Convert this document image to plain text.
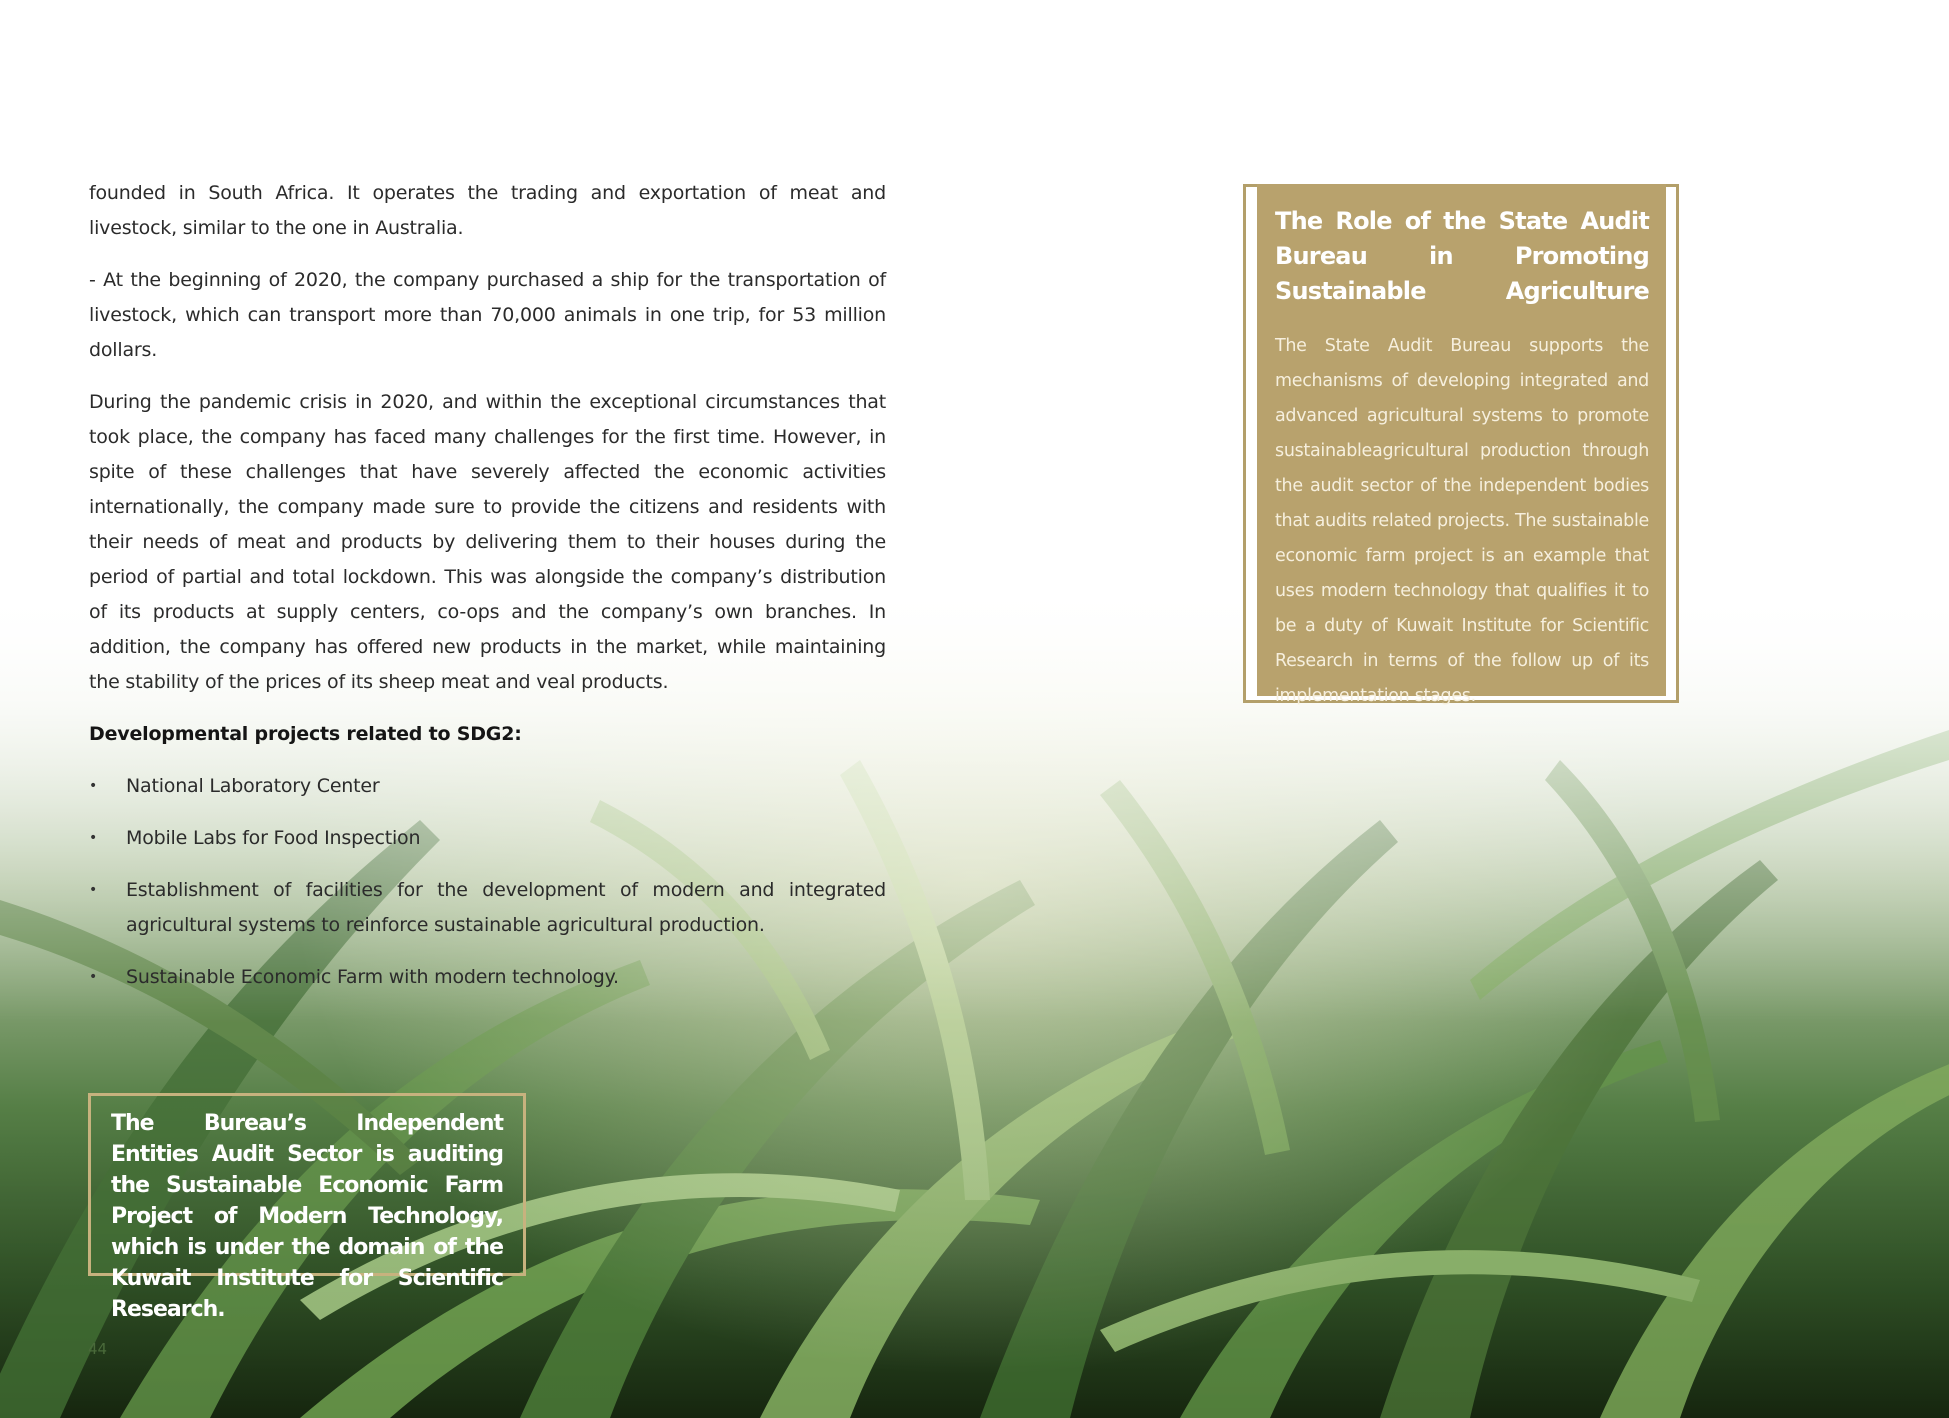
founded in South Africa. It operates the trading and exportation of meat and livestock, similar to the one in Australia.

- At the beginning of 2020, the company purchased a ship for the transportation of livestock, which can transport more than 70,000 animals in one trip, for 53 million dollars.

During the pandemic crisis in 2020, and within the exceptional circumstances that took place, the company has faced many challenges for the first time. However, in spite of these challenges that have severely affected the economic activities internationally, the company made sure to provide the citizens and residents with their needs of meat and products by delivering them to their houses during the period of partial and total lockdown. This was alongside the company’s distribution of its products at supply centers, co-ops and the company’s own branches. In addition, the company has offered new products in the market, while maintaining the stability of the prices of its sheep meat and veal products.

Developmental projects related to SDG2:

• National Laboratory Center
• Mobile Labs for Food Inspection
• Establishment of facilities for the development of modern and integrated agricultural systems to reinforce sustainable agricultural production.
• Sustainable Economic Farm with modern technology.
The Role of the State Audit Bureau in Promoting Sustainable Agriculture

The State Audit Bureau supports the mechanisms of developing integrated and advanced agricultural systems to promote sustainableagricultural production through the audit sector of the independent bodies that audits related projects. The sustainable economic farm project is an example that uses modern technology that qualifies it to be a duty of Kuwait Institute for Scientific Research in terms of the follow up of its implementation stages.

The Bureau’s Independent Entities Audit Sector is auditing the Sustainable Economic Farm Project of Modern Technology, which is under the domain of the Kuwait Institute for Scientific Research.

44
